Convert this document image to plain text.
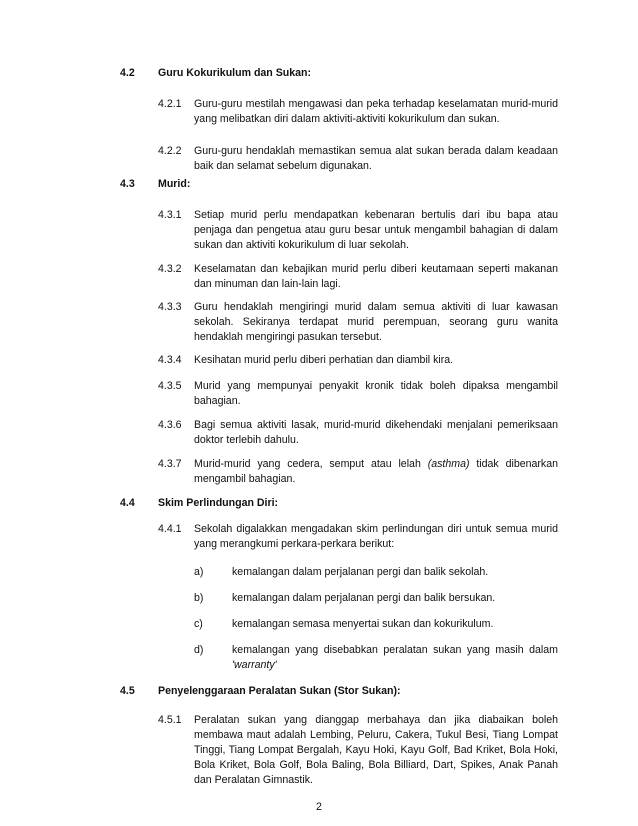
4.2 Guru Kokurikulum dan Sukan:
4.2.1 Guru-guru mestilah mengawasi dan peka terhadap keselamatan murid-murid yang melibatkan diri dalam aktiviti-aktiviti kokurikulum dan sukan.
4.2.2 Guru-guru hendaklah memastikan semua alat sukan berada dalam keadaan baik dan selamat sebelum digunakan.
4.3 Murid:
4.3.1 Setiap murid perlu mendapatkan kebenaran bertulis dari ibu bapa atau penjaga dan pengetua atau guru besar untuk mengambil bahagian di dalam sukan dan aktiviti kokurikulum di luar sekolah.
4.3.2 Keselamatan dan kebajikan murid perlu diberi keutamaan seperti makanan dan minuman dan lain-lain lagi.
4.3.3 Guru hendaklah mengiringi murid dalam semua aktiviti di luar kawasan sekolah. Sekiranya terdapat murid perempuan, seorang guru wanita hendaklah mengiringi pasukan tersebut.
4.3.4 Kesihatan murid perlu diberi perhatian dan diambil kira.
4.3.5 Murid yang mempunyai penyakit kronik tidak boleh dipaksa mengambil bahagian.
4.3.6 Bagi semua aktiviti lasak, murid-murid dikehendaki menjalani pemeriksaan doktor terlebih dahulu.
4.3.7 Murid-murid yang cedera, semput atau lelah (asthma) tidak dibenarkan mengambil bahagian.
4.4 Skim Perlindungan Diri:
4.4.1 Sekolah digalakkan mengadakan skim perlindungan diri untuk semua murid yang merangkumi perkara-perkara berikut:
a)	kemalangan dalam perjalanan pergi dan balik sekolah.
b)	kemalangan dalam perjalanan pergi dan balik bersukan.
c)	kemalangan semasa menyertai sukan dan kokurikulum.
d)	kemalangan yang disebabkan peralatan sukan yang masih dalam 'warranty'
4.5 Penyelenggaraan Peralatan Sukan (Stor Sukan):
4.5.1 Peralatan sukan yang dianggap merbahaya dan jika diabaikan boleh membawa maut adalah Lembing, Peluru, Cakera, Tukul Besi, Tiang Lompat Tinggi, Tiang Lompat Bergalah, Kayu Hoki, Kayu Golf, Bad Kriket, Bola Hoki, Bola Kriket, Bola Golf, Bola Baling, Bola Billiard, Dart, Spikes, Anak Panah dan Peralatan Gimnastik.
2
